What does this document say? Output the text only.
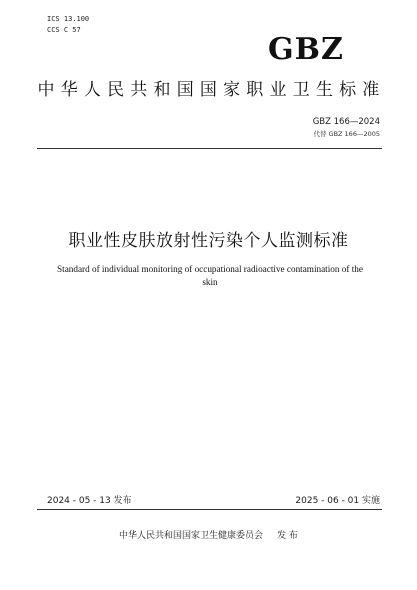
ICS 13.100
CCS C 57
GBZ
中华人民共和国国家职业卫生标准
GBZ 166—2024
代替 GBZ 166—2005
职业性皮肤放射性污染个人监测标准
Standard of individual monitoring of occupational radioactive contamination of the skin
2024 - 05 - 13 发布	2025 - 06 - 01 实施
中华人民共和国国家卫生健康委员会 发 布
